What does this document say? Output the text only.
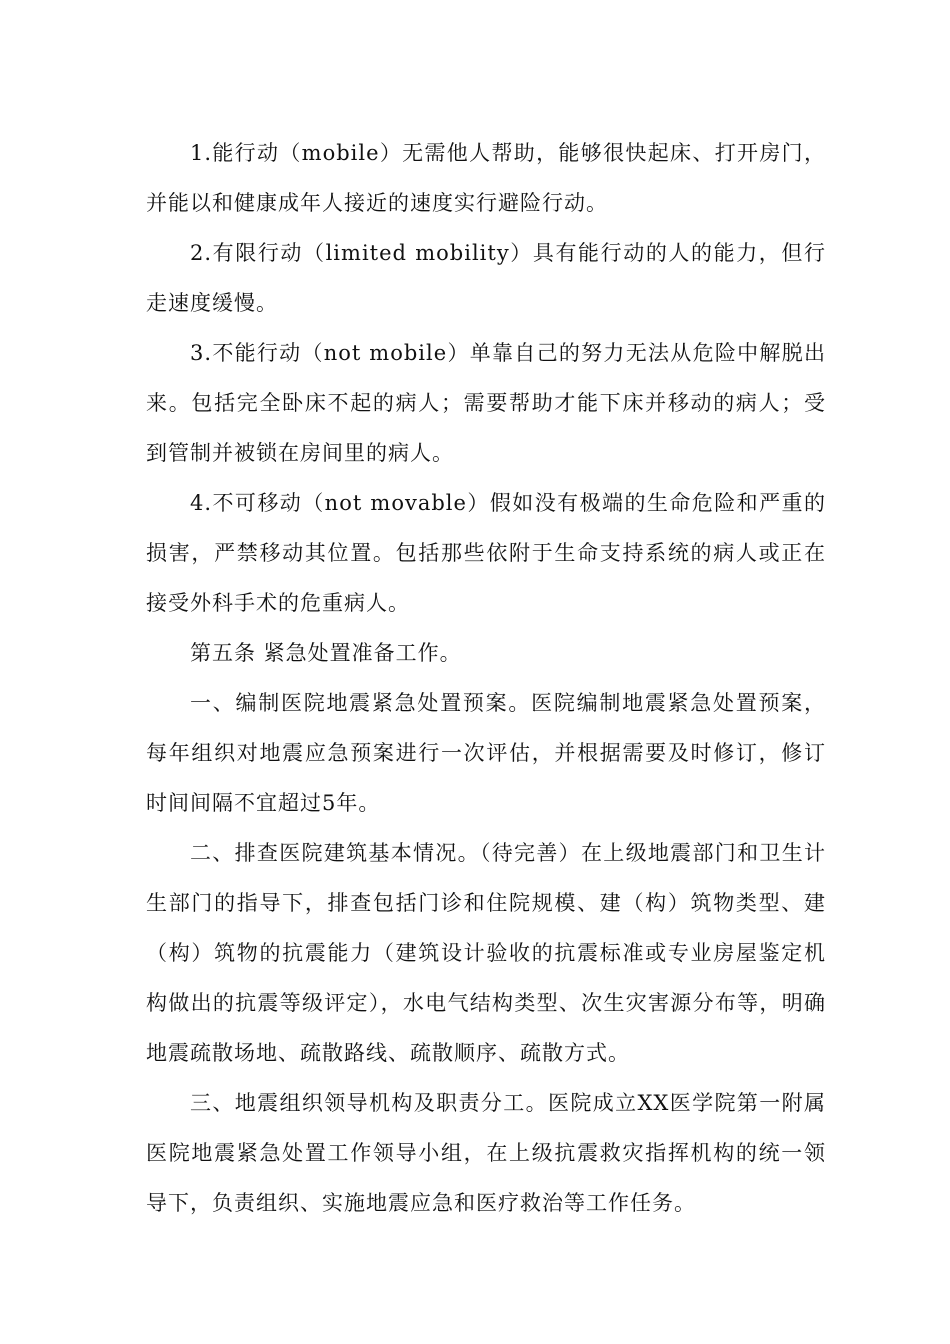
1.能行动（mobile）无需他人帮助，能够很快起床、打开房门，并能以和健康成年人接近的速度实行避险行动。

2.有限行动（limited mobility）具有能行动的人的能力，但行走速度缓慢。

3.不能行动（not mobile）单靠自己的努力无法从危险中解脱出来。包括完全卧床不起的病人；需要帮助才能下床并移动的病人；受到管制并被锁在房间里的病人。

4.不可移动（not movable）假如没有极端的生命危险和严重的损害，严禁移动其位置。包括那些依附于生命支持系统的病人或正在接受外科手术的危重病人。

第五条 紧急处置准备工作。

一、编制医院地震紧急处置预案。医院编制地震紧急处置预案，每年组织对地震应急预案进行一次评估，并根据需要及时修订，修订时间间隔不宜超过5年。

二、排查医院建筑基本情况。（待完善）在上级地震部门和卫生计生部门的指导下，排查包括门诊和住院规模、建（构）筑物类型、建（构）筑物的抗震能力（建筑设计验收的抗震标准或专业房屋鉴定机构做出的抗震等级评定），水电气结构类型、次生灾害源分布等，明确地震疏散场地、疏散路线、疏散顺序、疏散方式。

三、地震组织领导机构及职责分工。医院成立XX医学院第一附属医院地震紧急处置工作领导小组，在上级抗震救灾指挥机构的统一领导下，负责组织、实施地震应急和医疗救治等工作任务。
